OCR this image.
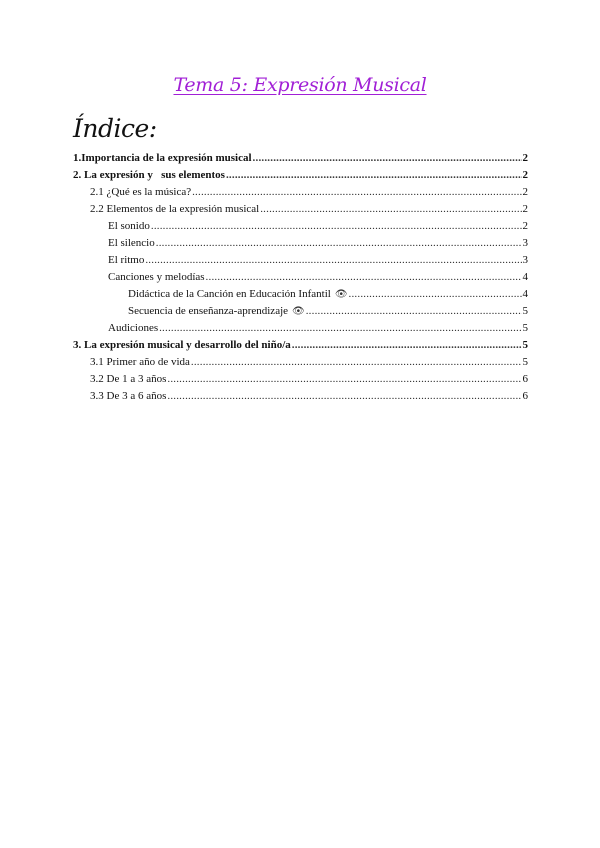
Tema 5: Expresión Musical
Índice:
1.Importancia de la expresión musical .....	2
2. La expresión y   sus elementos .....	2
2.1 ¿Qué es la música? .....	2
2.2 Elementos de la expresión musical .....	2
El sonido .....	2
El silencio .....	3
El ritmo .....	3
Canciones y melodías .....	4
Didáctica de la Canción en Educación Infantil 👁 .....	4
Secuencia de enseñanza-aprendizaje 👁 .....	5
Audiciones .....	5
3. La expresión musical y desarrollo del niño/a .....	5
3.1 Primer año de vida .....	5
3.2 De 1 a 3 años .....	6
3.3 De 3 a 6 años .....	6
